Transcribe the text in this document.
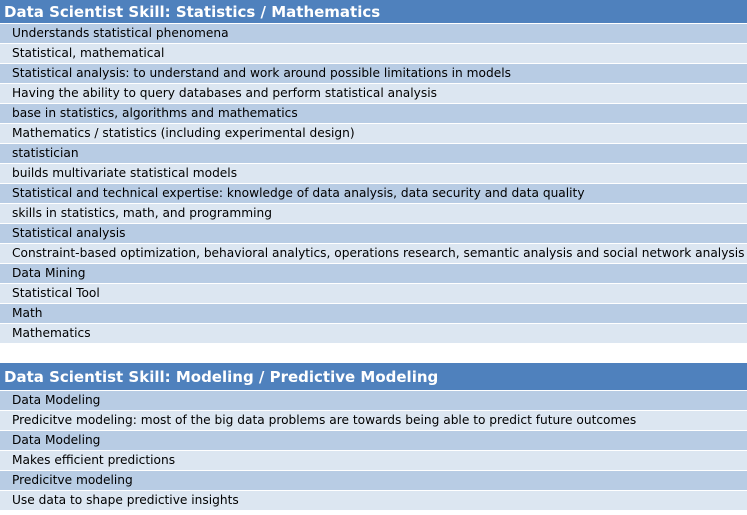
Data Scientist Skill: Statistics / Mathematics
Understands statistical phenomena
Statistical, mathematical
Statistical analysis: to understand and work around possible limitations in models
Having the ability to query databases and perform statistical analysis
base in statistics, algorithms and mathematics
Mathematics / statistics (including experimental design)
statistician
builds multivariate statistical models
Statistical and technical expertise: knowledge of data analysis, data security and data quality
skills in statistics, math, and programming
Statistical analysis
Constraint-based optimization, behavioral analytics, operations research, semantic analysis and social network analysis
Data Mining
Statistical Tool
Math
Mathematics
Data Scientist Skill: Modeling / Predictive Modeling
Data Modeling
Predicitve modeling: most of the big data problems are towards being able to predict future outcomes
Data Modeling
Makes efficient predictions
Predicitve modeling
Use data to shape predictive insights
